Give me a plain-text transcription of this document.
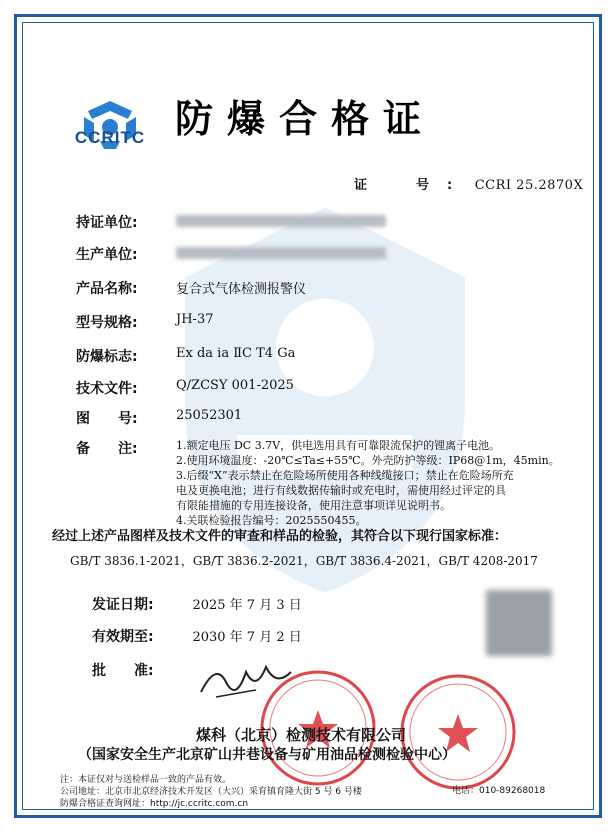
CCRITC 防爆合格证
证　号: CCRI 25.2870X
持证单位:
生产单位:
产品名称:	复合式气体检测报警仪
型号规格:	JH-37
防爆标志:	Ex da ia ⅡC T4 Ga
技术文件:	Q/ZCSY 001-2025
图　　号:	25052301
备　　注:	1.额定电压 DC 3.7V，供电选用具有可靠限流保护的锂离子电池。
2.使用环境温度：-20℃≤Ta≤+55℃。外壳防护等级：IP68@1m，45min。
3.后缀“X”表示禁止在危险场所使用各种线缆接口；禁止在危险场所充
电及更换电池；进行有线数据传输时或充电时，需使用经过评定的具
有限能措施的专用连接设备，使用注意事项详见说明书。
4.关联检验报告编号：2025550455。
经过上述产品图样及技术文件的审查和样品的检验，其符合以下现行国家标准：
GB/T 3836.1-2021，GB/T 3836.2-2021，GB/T 3836.4-2021，GB/T 4208-2017
发证日期:	2025 年 7 月 3 日
有效期至:	2030 年 7 月 2 日
批　　准:
煤科（北京）检测技术有限公司
（国家安全生产北京矿山井巷设备与矿用油品检测检验中心）
注：本证仅对与送检样品一致的产品有效。
公司地址：北京市北京经济技术开发区（大兴）采育镇育隆大街 5 号 6 号楼
防爆合格证查询网址：http://jc.ccritc.com.cn
电话：010-89268018
